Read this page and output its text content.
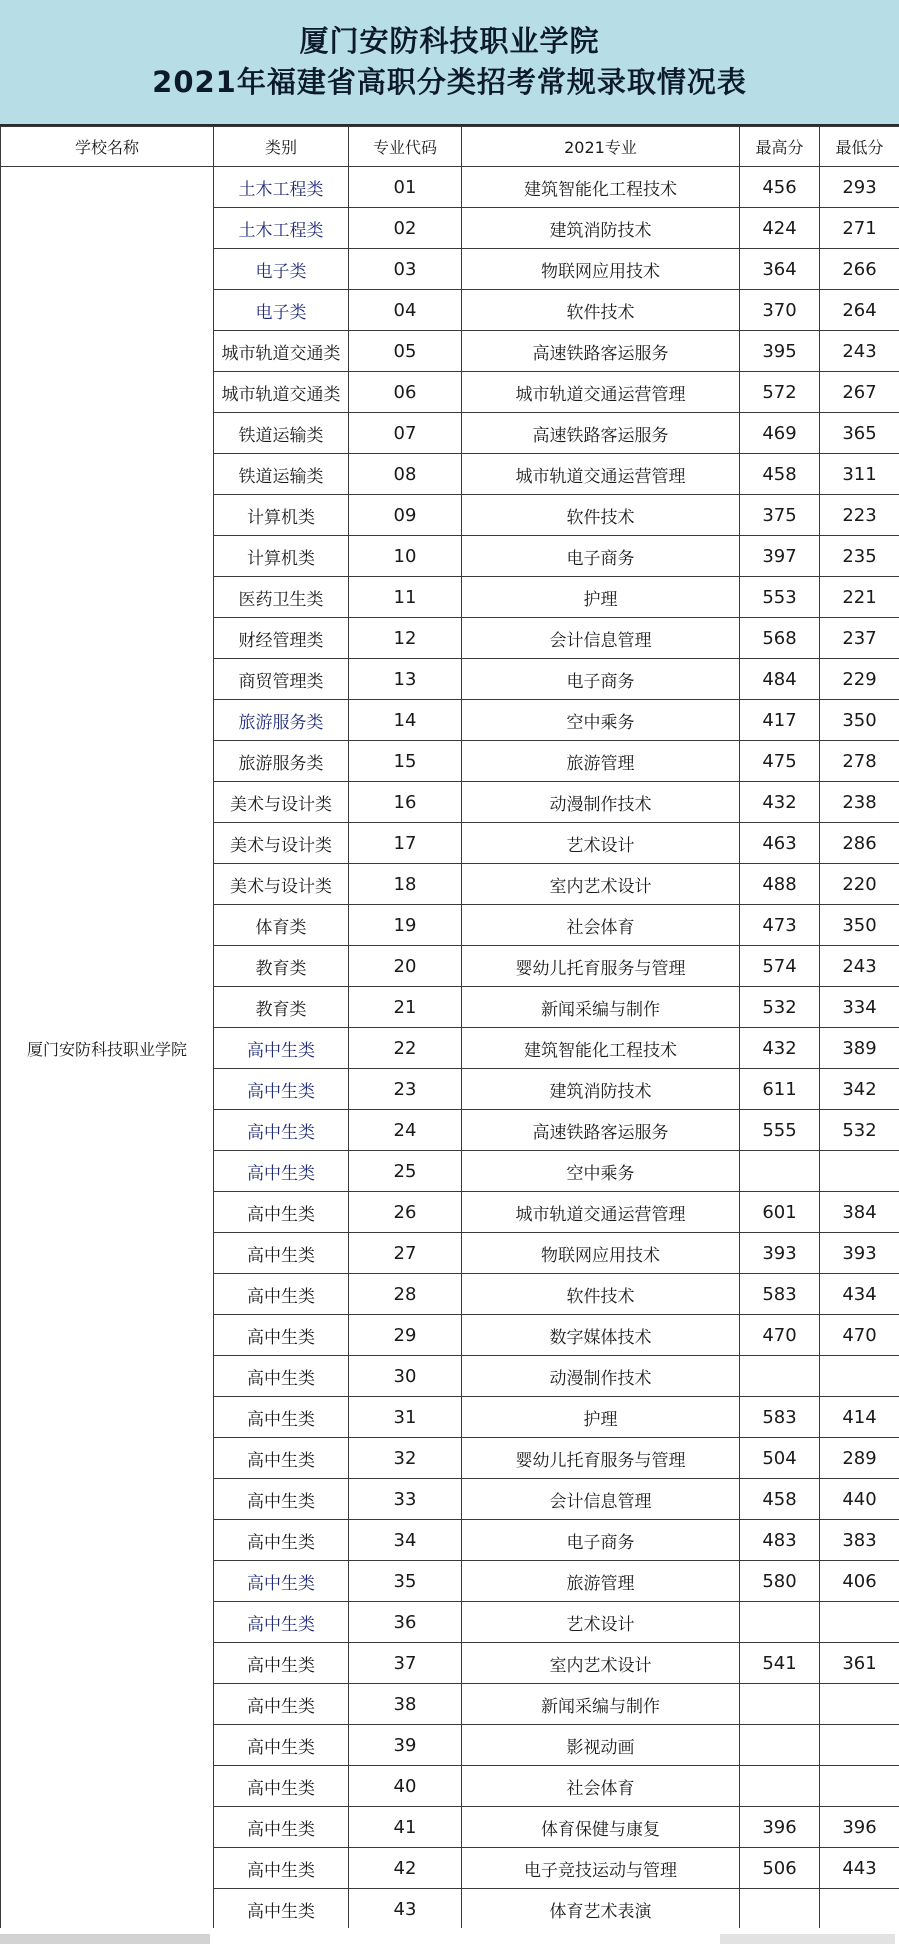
厦门安防科技职业学院
2021年福建省高职分类招考常规录取情况表
学校名称	类别	专业代码	2021专业	最高分	最低分
厦门安防科技职业学院	土木工程类	01	建筑智能化工程技术	456	293
	土木工程类	02	建筑消防技术	424	271
	电子类	03	物联网应用技术	364	266
	电子类	04	软件技术	370	264
	城市轨道交通类	05	高速铁路客运服务	395	243
	城市轨道交通类	06	城市轨道交通运营管理	572	267
	铁道运输类	07	高速铁路客运服务	469	365
	铁道运输类	08	城市轨道交通运营管理	458	311
	计算机类	09	软件技术	375	223
	计算机类	10	电子商务	397	235
	医药卫生类	11	护理	553	221
	财经管理类	12	会计信息管理	568	237
	商贸管理类	13	电子商务	484	229
	旅游服务类	14	空中乘务	417	350
	旅游服务类	15	旅游管理	475	278
	美术与设计类	16	动漫制作技术	432	238
	美术与设计类	17	艺术设计	463	286
	美术与设计类	18	室内艺术设计	488	220
	体育类	19	社会体育	473	350
	教育类	20	婴幼儿托育服务与管理	574	243
	教育类	21	新闻采编与制作	532	334
	高中生类	22	建筑智能化工程技术	432	389
	高中生类	23	建筑消防技术	611	342
	高中生类	24	高速铁路客运服务	555	532
	高中生类	25	空中乘务		
	高中生类	26	城市轨道交通运营管理	601	384
	高中生类	27	物联网应用技术	393	393
	高中生类	28	软件技术	583	434
	高中生类	29	数字媒体技术	470	470
	高中生类	30	动漫制作技术		
	高中生类	31	护理	583	414
	高中生类	32	婴幼儿托育服务与管理	504	289
	高中生类	33	会计信息管理	458	440
	高中生类	34	电子商务	483	383
	高中生类	35	旅游管理	580	406
	高中生类	36	艺术设计		
	高中生类	37	室内艺术设计	541	361
	高中生类	38	新闻采编与制作		
	高中生类	39	影视动画		
	高中生类	40	社会体育		
	高中生类	41	体育保健与康复	396	396
	高中生类	42	电子竞技运动与管理	506	443
	高中生类	43	体育艺术表演		
